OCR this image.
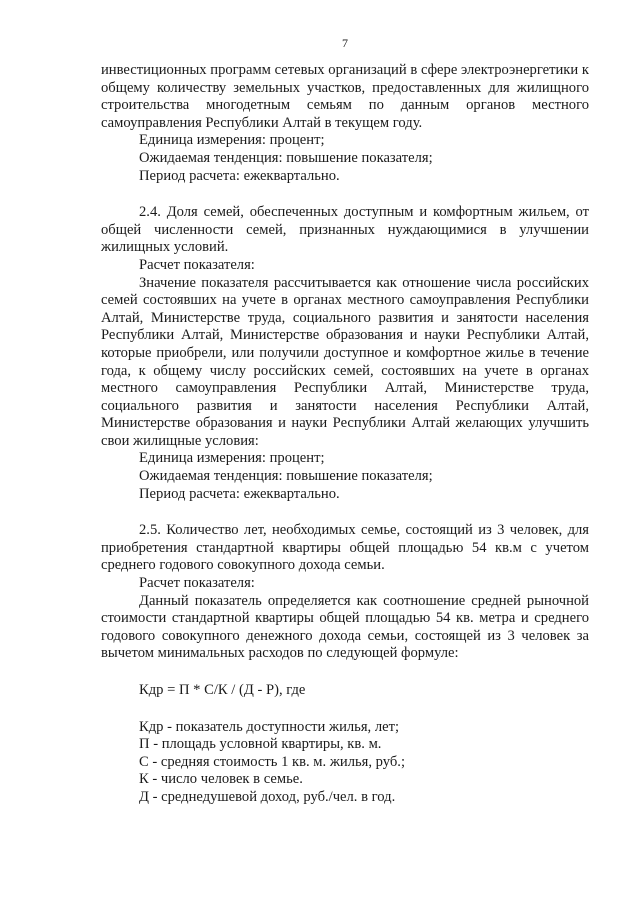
7

инвестиционных программ сетевых организаций в сфере электроэнергетики к общему количеству земельных участков, предоставленных для жилищного строительства многодетным семьям по данным органов местного самоуправления Республики Алтай в текущем году.

Единица измерения: процент;

Ожидаемая тенденция: повышение показателя;

Период расчета: ежеквартально.

2.4. Доля семей, обеспеченных доступным и комфортным жильем, от общей численности семей, признанных нуждающимися в улучшении жилищных условий.

Расчет показателя:

Значение показателя рассчитывается как отношение числа российских семей состоявших на учете в органах местного самоуправления Республики Алтай, Министерстве труда, социального развития и занятости населения Республики Алтай, Министерстве образования и науки Республики Алтай, которые приобрели, или получили доступное и комфортное жилье в течение года, к общему числу российских семей, состоявших на учете в органах местного самоуправления Республики Алтай, Министерстве труда, социального развития и занятости населения Республики Алтай, Министерстве образования и науки Республики Алтай желающих улучшить свои жилищные условия:

Единица измерения: процент;

Ожидаемая тенденция: повышение показателя;

Период расчета: ежеквартально.

2.5. Количество лет, необходимых семье, состоящий из 3 человек, для приобретения стандартной квартиры общей площадью 54 кв.м с учетом среднего годового совокупного дохода семьи.

Расчет показателя:

Данный показатель определяется как соотношение средней рыночной стоимости стандартной квартиры общей площадью 54 кв. метра и среднего годового совокупного денежного дохода семьи, состоящей из 3 человек за вычетом минимальных расходов по следующей формуле:

Кдр = П * С/К / (Д - Р), где

Кдр - показатель доступности жилья, лет;

П - площадь условной квартиры, кв. м.

С - средняя стоимость 1 кв. м. жилья, руб.;

К - число человек в семье.

Д - среднедушевой доход, руб./чел. в год.
